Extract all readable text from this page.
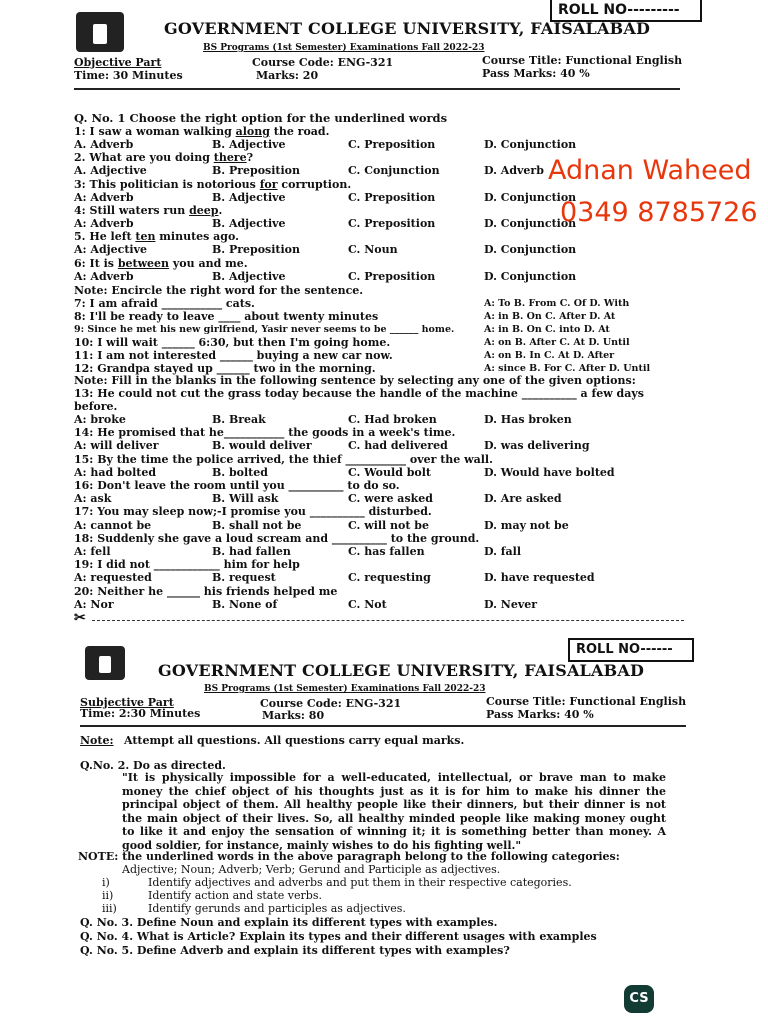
ROLL NO---------
GOVERNMENT COLLEGE UNIVERSITY, FAISALABAD
BS Programs (1st Semester) Examinations Fall 2022-23
Objective Part
Time: 30 Minutes
Course Code: ENG-321
Marks: 20
Course Title: Functional English
Pass Marks: 40 %
Q. No. 1 Choose the right option for the underlined words
1: I saw a woman walking along the road.
A. Adverb	B. Adjective	C. Preposition	D. Conjunction
2. What are you doing there?
A. Adjective	B. Preposition	C. Conjunction	D. Adverb
3: This politician is notorious for corruption.
A: Adverb	B. Adjective	C. Preposition	D. Conjunction
4: Still waters run deep.
A: Adverb	B. Adjective	C. Preposition	D. Conjunction
5. He left ten minutes ago.
A: Adjective	B. Preposition	C. Noun	D. Conjunction
6: It is between you and me.
A: Adverb	B. Adjective	C. Preposition	D. Conjunction
Note: Encircle the right word for the sentence.
7: I am afraid ___________ cats.	A: To B. From C. Of D. With
8: I'll be ready to leave ____ about twenty minutes	A: in B. On C. After D. At
9: Since he met his new girlfriend, Yasir never seems to be ______ home.	A: in B. On C. into D. At
10: I will wait ______ 6:30, but then I'm going home.	A: on B. After C. At D. Until
11: I am not interested ______ buying a new car now.	A: on B. In C. At D. After
12: Grandpa stayed up ______ two in the morning.	A: since B. For C. After D. Until
Note: Fill in the blanks in the following sentence by selecting any one of the given options:
13: He could not cut the grass today because the handle of the machine __________ a few days
before.
A: broke	B. Break	C. Had broken	D. Has broken
14: He promised that he___________ the goods in a week's time.
A: will deliver	B. would deliver	C. had delivered	D. was delivering
15: By the time the police arrived, the thief ___________ over the wall.
A: had bolted	B. bolted	C. Would bolt	D. Would have bolted
16: Don't leave the room until you __________ to do so.
A: ask	B. Will ask	C. were asked	D. Are asked
17: You may sleep now;-I promise you __________ disturbed.
A: cannot be	B. shall not be	C. will not be	D. may not be
18: Suddenly she gave a loud scream and __________ to the ground.
A: fell	B. had fallen	C. has fallen	D. fall
19: I did not ____________ him for help
A: requested	B. request	C. requesting	D. have requested
20: Neither he ______ his friends helped me
A: Nor	B. None of	C. Not	D. Never
Adnan Waheed
0349 8785726
✂
ROLL NO------
GOVERNMENT COLLEGE UNIVERSITY, FAISALABAD
BS Programs (1st Semester) Examinations Fall 2022-23
Subjective Part
Time: 2:30 Minutes
Course Code: ENG-321
Marks: 80
Course Title: Functional English
Pass Marks: 40 %
Note: Attempt all questions. All questions carry equal marks.
Q.No. 2. Do as directed.
"It is physically impossible for a well-educated, intellectual, or brave man to make money the chief object of his thoughts just as it is for him to make his dinner the principal object of them. All healthy people like their dinners, but their dinner is not the main object of their lives. So, all healthy minded people like making money ought to like it and enjoy the sensation of winning it; it is something better than money. A good soldier, for instance, mainly wishes to do his fighting well."
NOTE: the underlined words in the above paragraph belong to the following categories:
Adjective; Noun; Adverb; Verb; Gerund and Participle as adjectives.
i)	Identify adjectives and adverbs and put them in their respective categories.
ii)	Identify action and state verbs.
iii)	Identify gerunds and participles as adjectives.
Q. No. 3. Define Noun and explain its different types with examples.
Q. No. 4. What is Article? Explain its types and their different usages with examples
Q. No. 5. Define Adverb and explain its different types with examples?
CS
